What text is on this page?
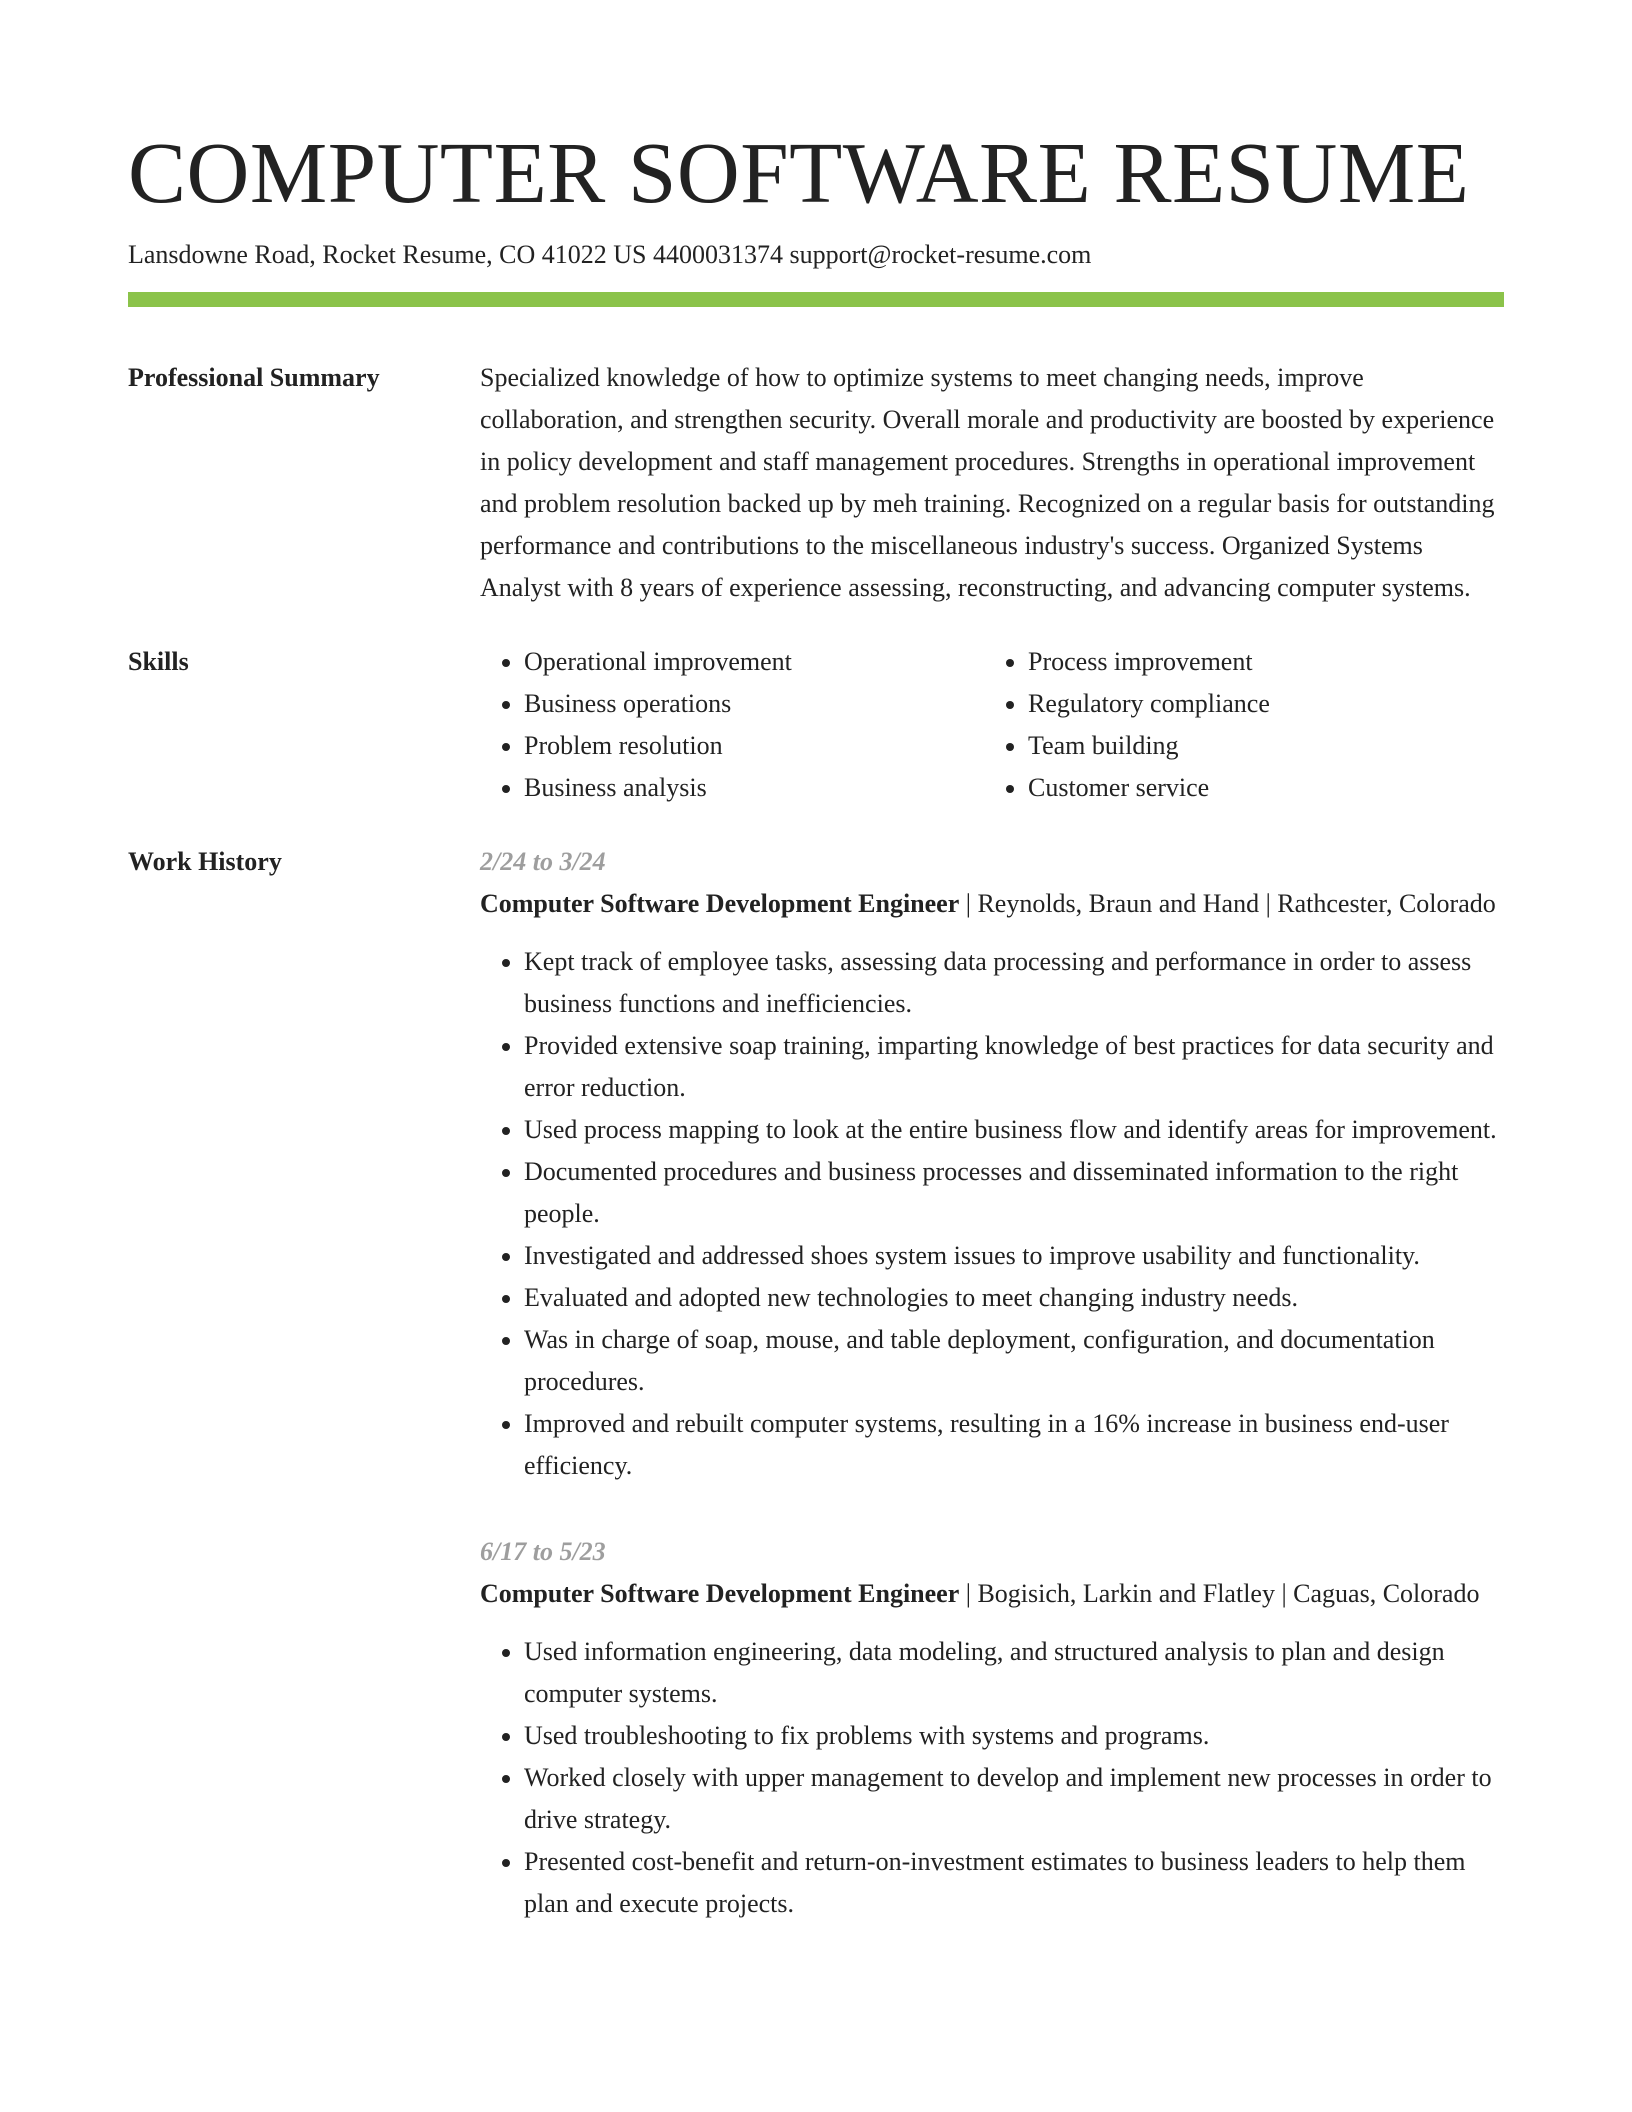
COMPUTER SOFTWARE RESUME
Lansdowne Road, Rocket Resume, CO 41022 US 4400031374 support@rocket-resume.com
Professional Summary	Specialized knowledge of how to optimize systems to meet changing needs, improve collaboration, and strengthen security. Overall morale and productivity are boosted by experience in policy development and staff management procedures. Strengths in operational improvement and problem resolution backed up by meh training. Recognized on a regular basis for outstanding performance and contributions to the miscellaneous industry's success. Organized Systems Analyst with 8 years of experience assessing, reconstructing, and advancing computer systems.
Skills
•	Operational improvement
• Business operations
• Problem resolution
• Business analysis
• Process improvement
• Regulatory compliance
• Team building
• Customer service
Work History	2/24 to 3/24
Computer Software Development Engineer | Reynolds, Braun and Hand | Rathcester, Colorado
• Kept track of employee tasks, assessing data processing and performance in order to assess business functions and inefficiencies.
• Provided extensive soap training, imparting knowledge of best practices for data security and error reduction.
• Used process mapping to look at the entire business flow and identify areas for improvement.
• Documented procedures and business processes and disseminated information to the right people.
• Investigated and addressed shoes system issues to improve usability and functionality.
• Evaluated and adopted new technologies to meet changing industry needs.
• Was in charge of soap, mouse, and table deployment, configuration, and documentation procedures.
• Improved and rebuilt computer systems, resulting in a 16% increase in business end-user efficiency.
6/17 to 5/23
Computer Software Development Engineer | Bogisich, Larkin and Flatley | Caguas, Colorado
• Used information engineering, data modeling, and structured analysis to plan and design computer systems.
• Used troubleshooting to fix problems with systems and programs.
• Worked closely with upper management to develop and implement new processes in order to drive strategy.
• Presented cost-benefit and return-on-investment estimates to business leaders to help them plan and execute projects.
